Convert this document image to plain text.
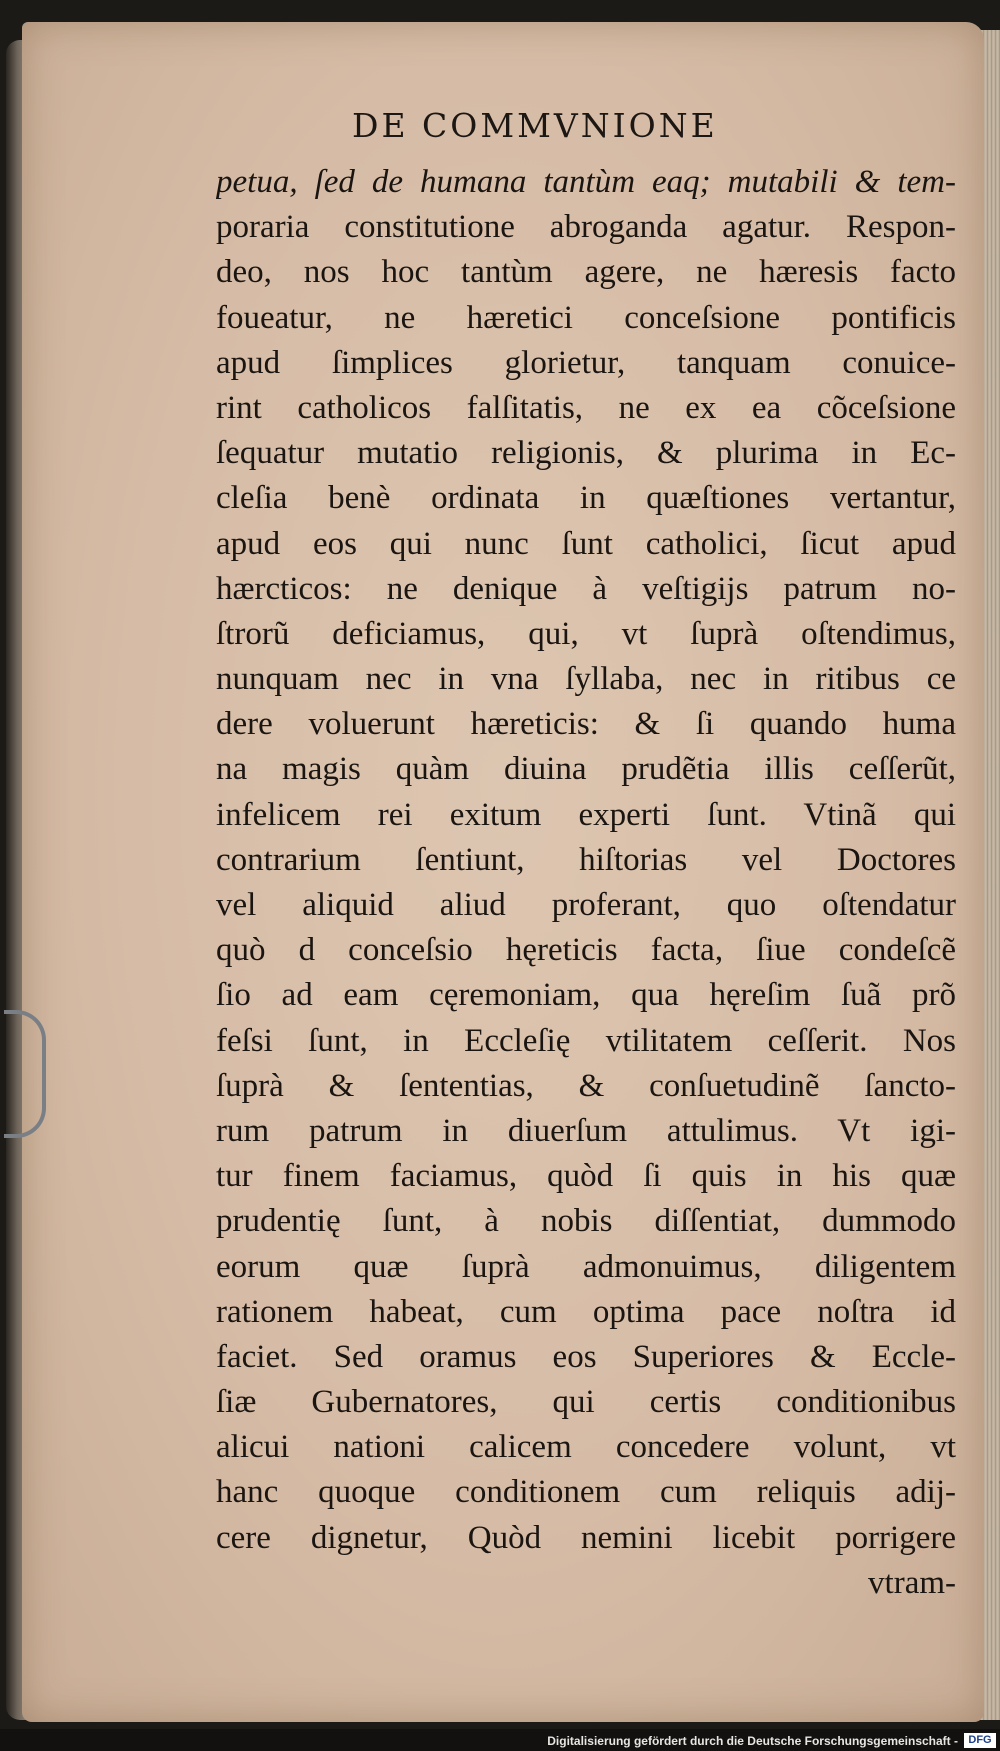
DE COMMVNIONE
petua, ſed de humana tantùm eaq; mutabili & tem-
poraria constitutione abroganda agatur. Respon-
deo, nos hoc tantùm agere, ne hæresis facto
foueatur, ne hæretici conceſsione pontificis
apud ſimplices glorietur, tanquam conuice-
rint catholicos falſitatis, ne ex ea cõceſsione
ſequatur mutatio religionis, & plurima in Ec-
cleſia benè ordinata in quæſtiones vertantur,
apud eos qui nunc ſunt catholici, ſicut apud
hærcticos: ne denique à veſtigijs patrum no-
ſtrorũ deficiamus, qui, vt ſuprà oſtendimus,
nunquam nec in vna ſyllaba, nec in ritibus ce
dere voluerunt hæreticis: & ſi quando huma
na magis quàm diuina prudẽtia illis ceſſerũt,
infelicem rei exitum experti ſunt. Vtinã qui
contrarium ſentiunt, hiſtorias vel Doctores
vel aliquid aliud proferant, quo oſtendatur
quò d conceſsio hęreticis facta, ſiue condeſcẽ
ſio ad eam cęremoniam, qua hęreſim ſuã prõ
feſsi ſunt, in Eccleſię vtilitatem ceſſerit. Nos
ſuprà & ſententias, & conſuetudinẽ ſancto-
rum patrum in diuerſum attulimus. Vt igi-
tur finem faciamus, quòd ſi quis in his quæ
prudentię ſunt, à nobis diſſentiat, dummodo
eorum quæ ſuprà admonuimus, diligentem
rationem habeat, cum optima pace noſtra id
faciet. Sed oramus eos Superiores & Eccle-
ſiæ Gubernatores, qui certis conditionibus
alicui nationi calicem concedere volunt, vt
hanc quoque conditionem cum reliquis adij-
cere dignetur, Quòd nemini licebit porrigere
vtram-
Digitalisierung gefördert durch die Deutsche Forschungsgemeinschaft - DFG
